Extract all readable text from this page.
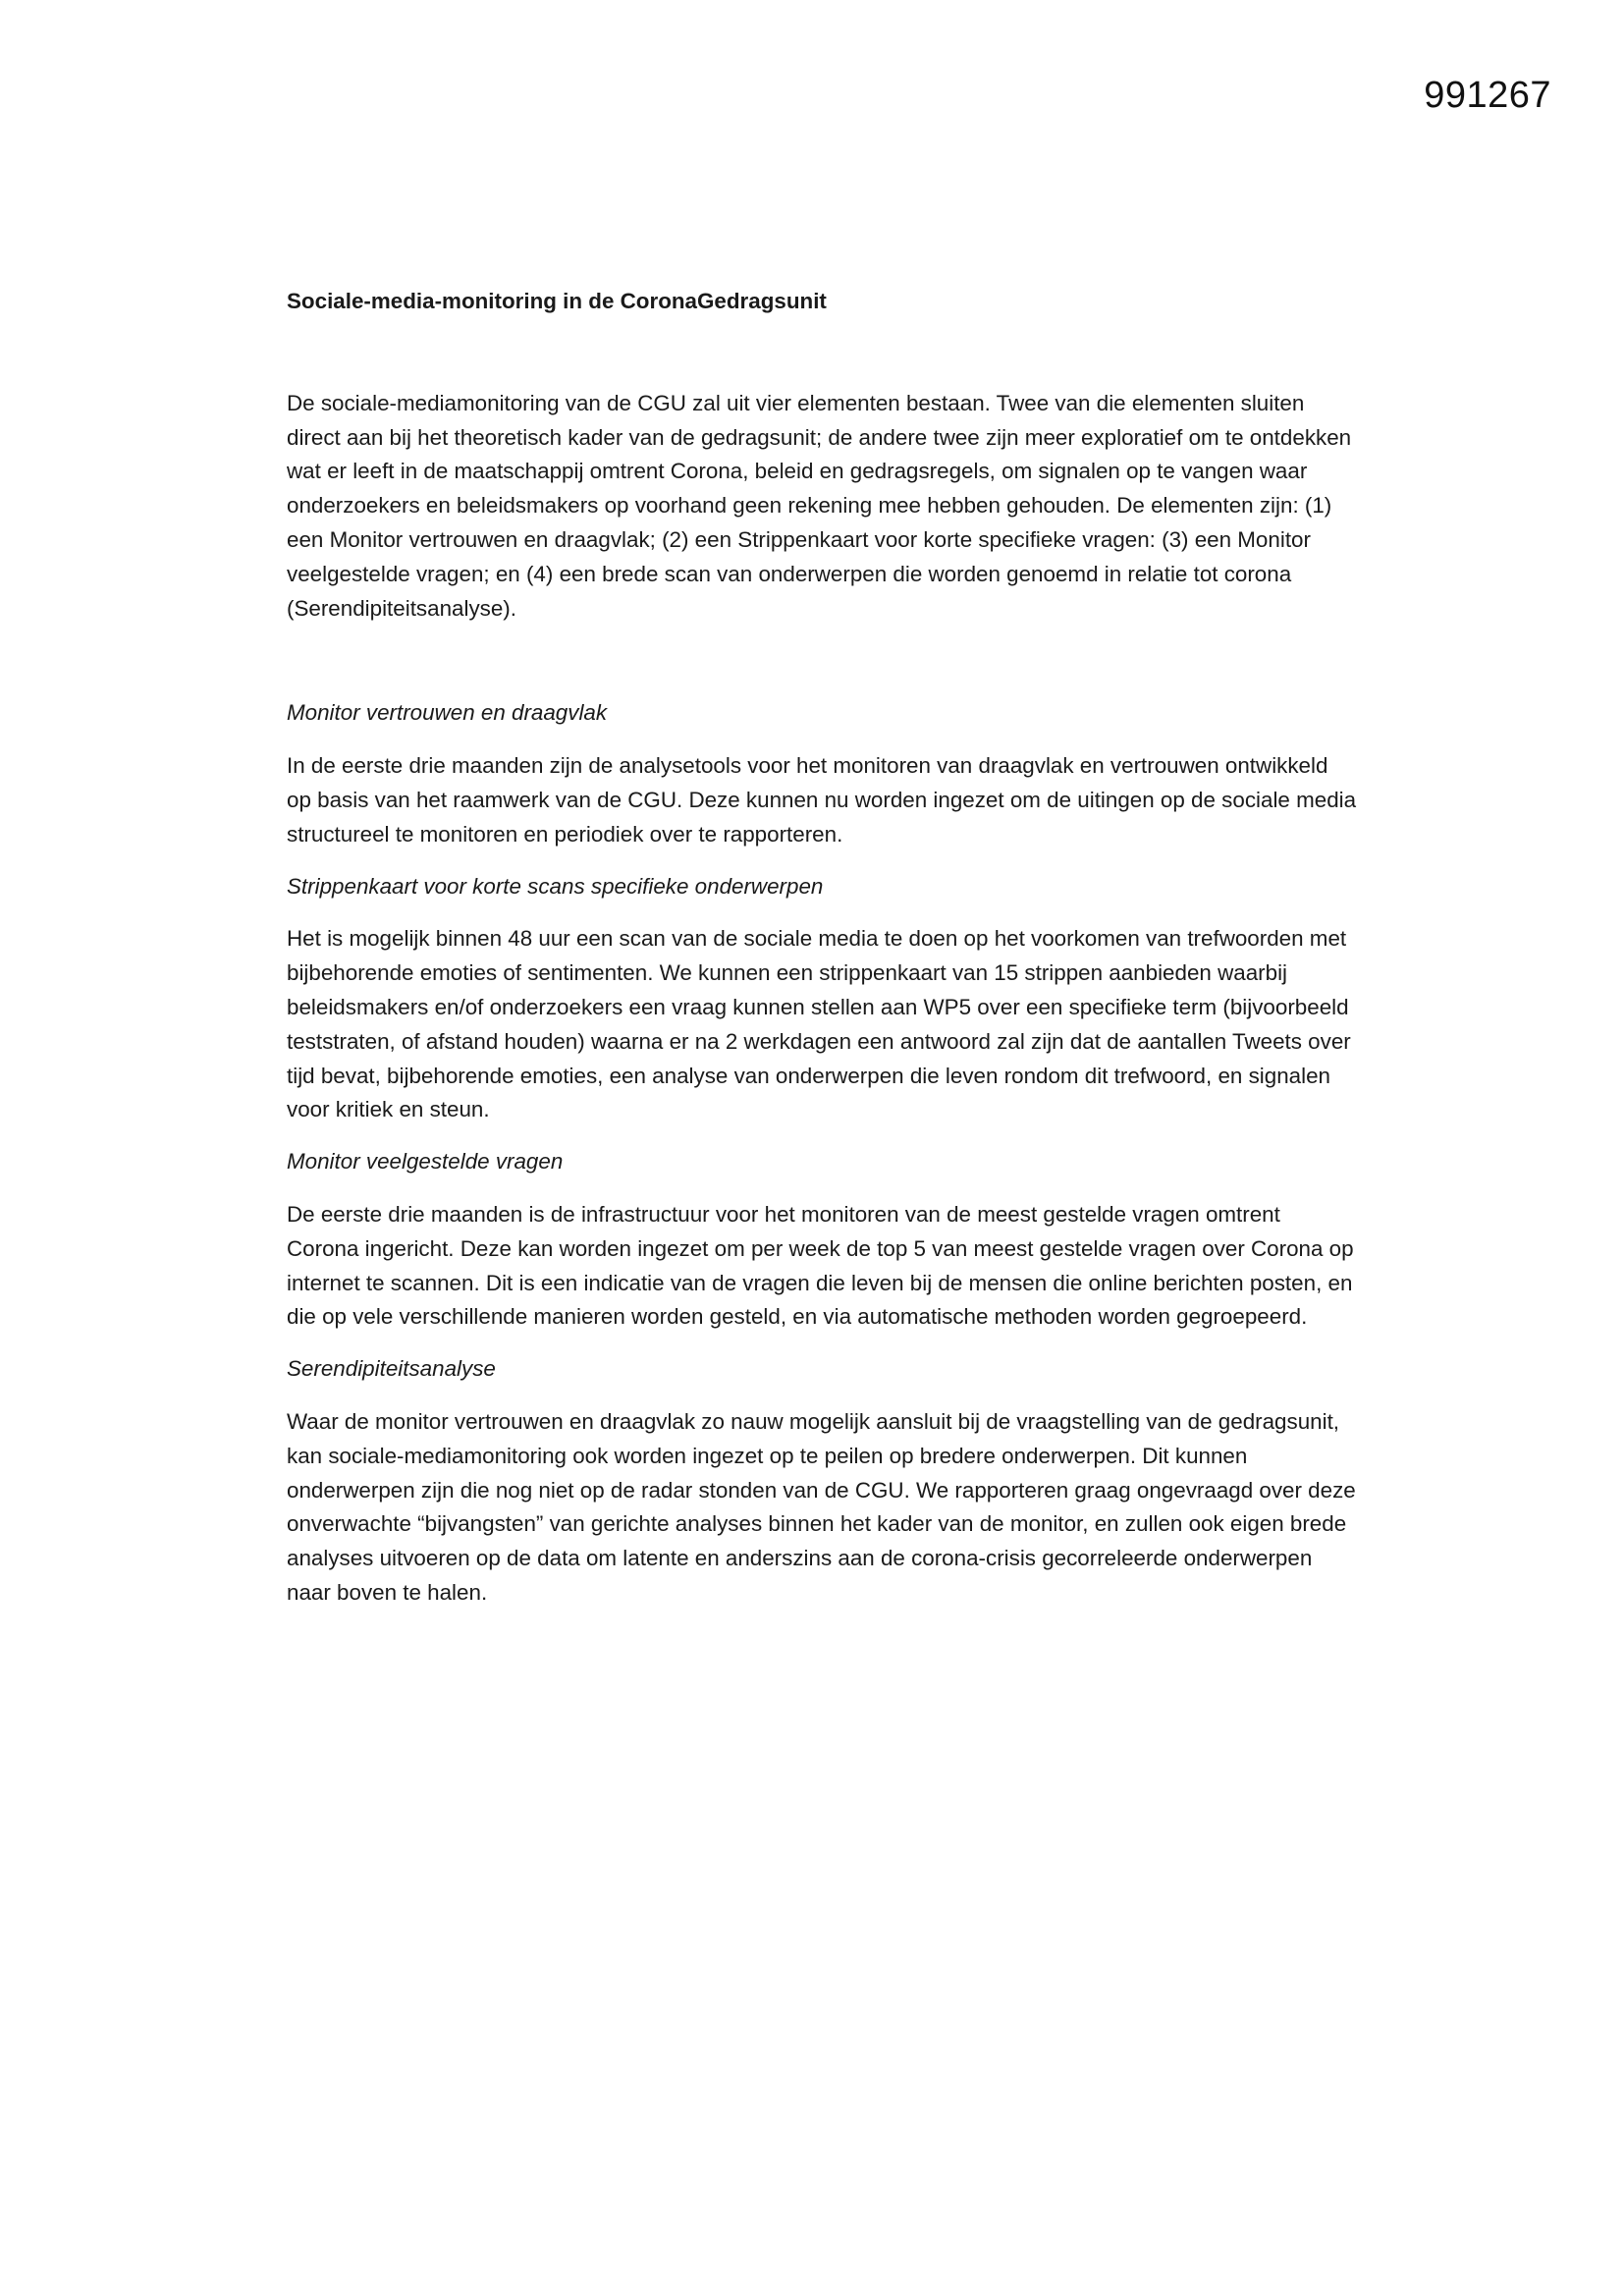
991267

Sociale-media-monitoring in de CoronaGedragsunit

De sociale-mediamonitoring van de CGU zal uit vier elementen bestaan. Twee van die elementen sluiten direct aan bij het theoretisch kader van de gedragsunit; de andere twee zijn meer exploratief om te ontdekken wat er leeft in de maatschappij omtrent Corona, beleid en gedragsregels, om signalen op te vangen waar onderzoekers en beleidsmakers op voorhand geen rekening mee hebben gehouden. De elementen zijn: (1) een Monitor vertrouwen en draagvlak; (2) een Strippenkaart voor korte specifieke vragen: (3) een Monitor veelgestelde vragen; en (4) een brede scan van onderwerpen die worden genoemd in relatie tot corona (Serendipiteitsanalyse).

Monitor vertrouwen en draagvlak

In de eerste drie maanden zijn de analysetools voor het monitoren van draagvlak en vertrouwen ontwikkeld op basis van het raamwerk van de CGU. Deze kunnen nu worden ingezet om de uitingen op de sociale media structureel te monitoren en periodiek over te rapporteren.

Strippenkaart voor korte scans specifieke onderwerpen

Het is mogelijk binnen 48 uur een scan van de sociale media te doen op het voorkomen van trefwoorden met bijbehorende emoties of sentimenten. We kunnen een strippenkaart van 15 strippen aanbieden waarbij beleidsmakers en/of onderzoekers een vraag kunnen stellen aan WP5 over een specifieke term (bijvoorbeeld teststraten, of afstand houden) waarna er na 2 werkdagen een antwoord zal zijn dat de aantallen Tweets over tijd bevat, bijbehorende emoties, een analyse van onderwerpen die leven rondom dit trefwoord, en signalen voor kritiek en steun.

Monitor veelgestelde vragen

De eerste drie maanden is de infrastructuur voor het monitoren van de meest gestelde vragen omtrent Corona ingericht. Deze kan worden ingezet om per week de top 5 van meest gestelde vragen over Corona op internet te scannen. Dit is een indicatie van de vragen die leven bij de mensen die online berichten posten, en die op vele verschillende manieren worden gesteld, en via automatische methoden worden gegroepeerd.

Serendipiteitsanalyse

Waar de monitor vertrouwen en draagvlak zo nauw mogelijk aansluit bij de vraagstelling van de gedragsunit, kan sociale-mediamonitoring ook worden ingezet op te peilen op bredere onderwerpen. Dit kunnen onderwerpen zijn die nog niet op de radar stonden van de CGU. We rapporteren graag ongevraagd over deze onverwachte “bijvangsten” van gerichte analyses binnen het kader van de monitor, en zullen ook eigen brede analyses uitvoeren op de data om latente en anderszins aan de corona-crisis gecorreleerde onderwerpen naar boven te halen.
